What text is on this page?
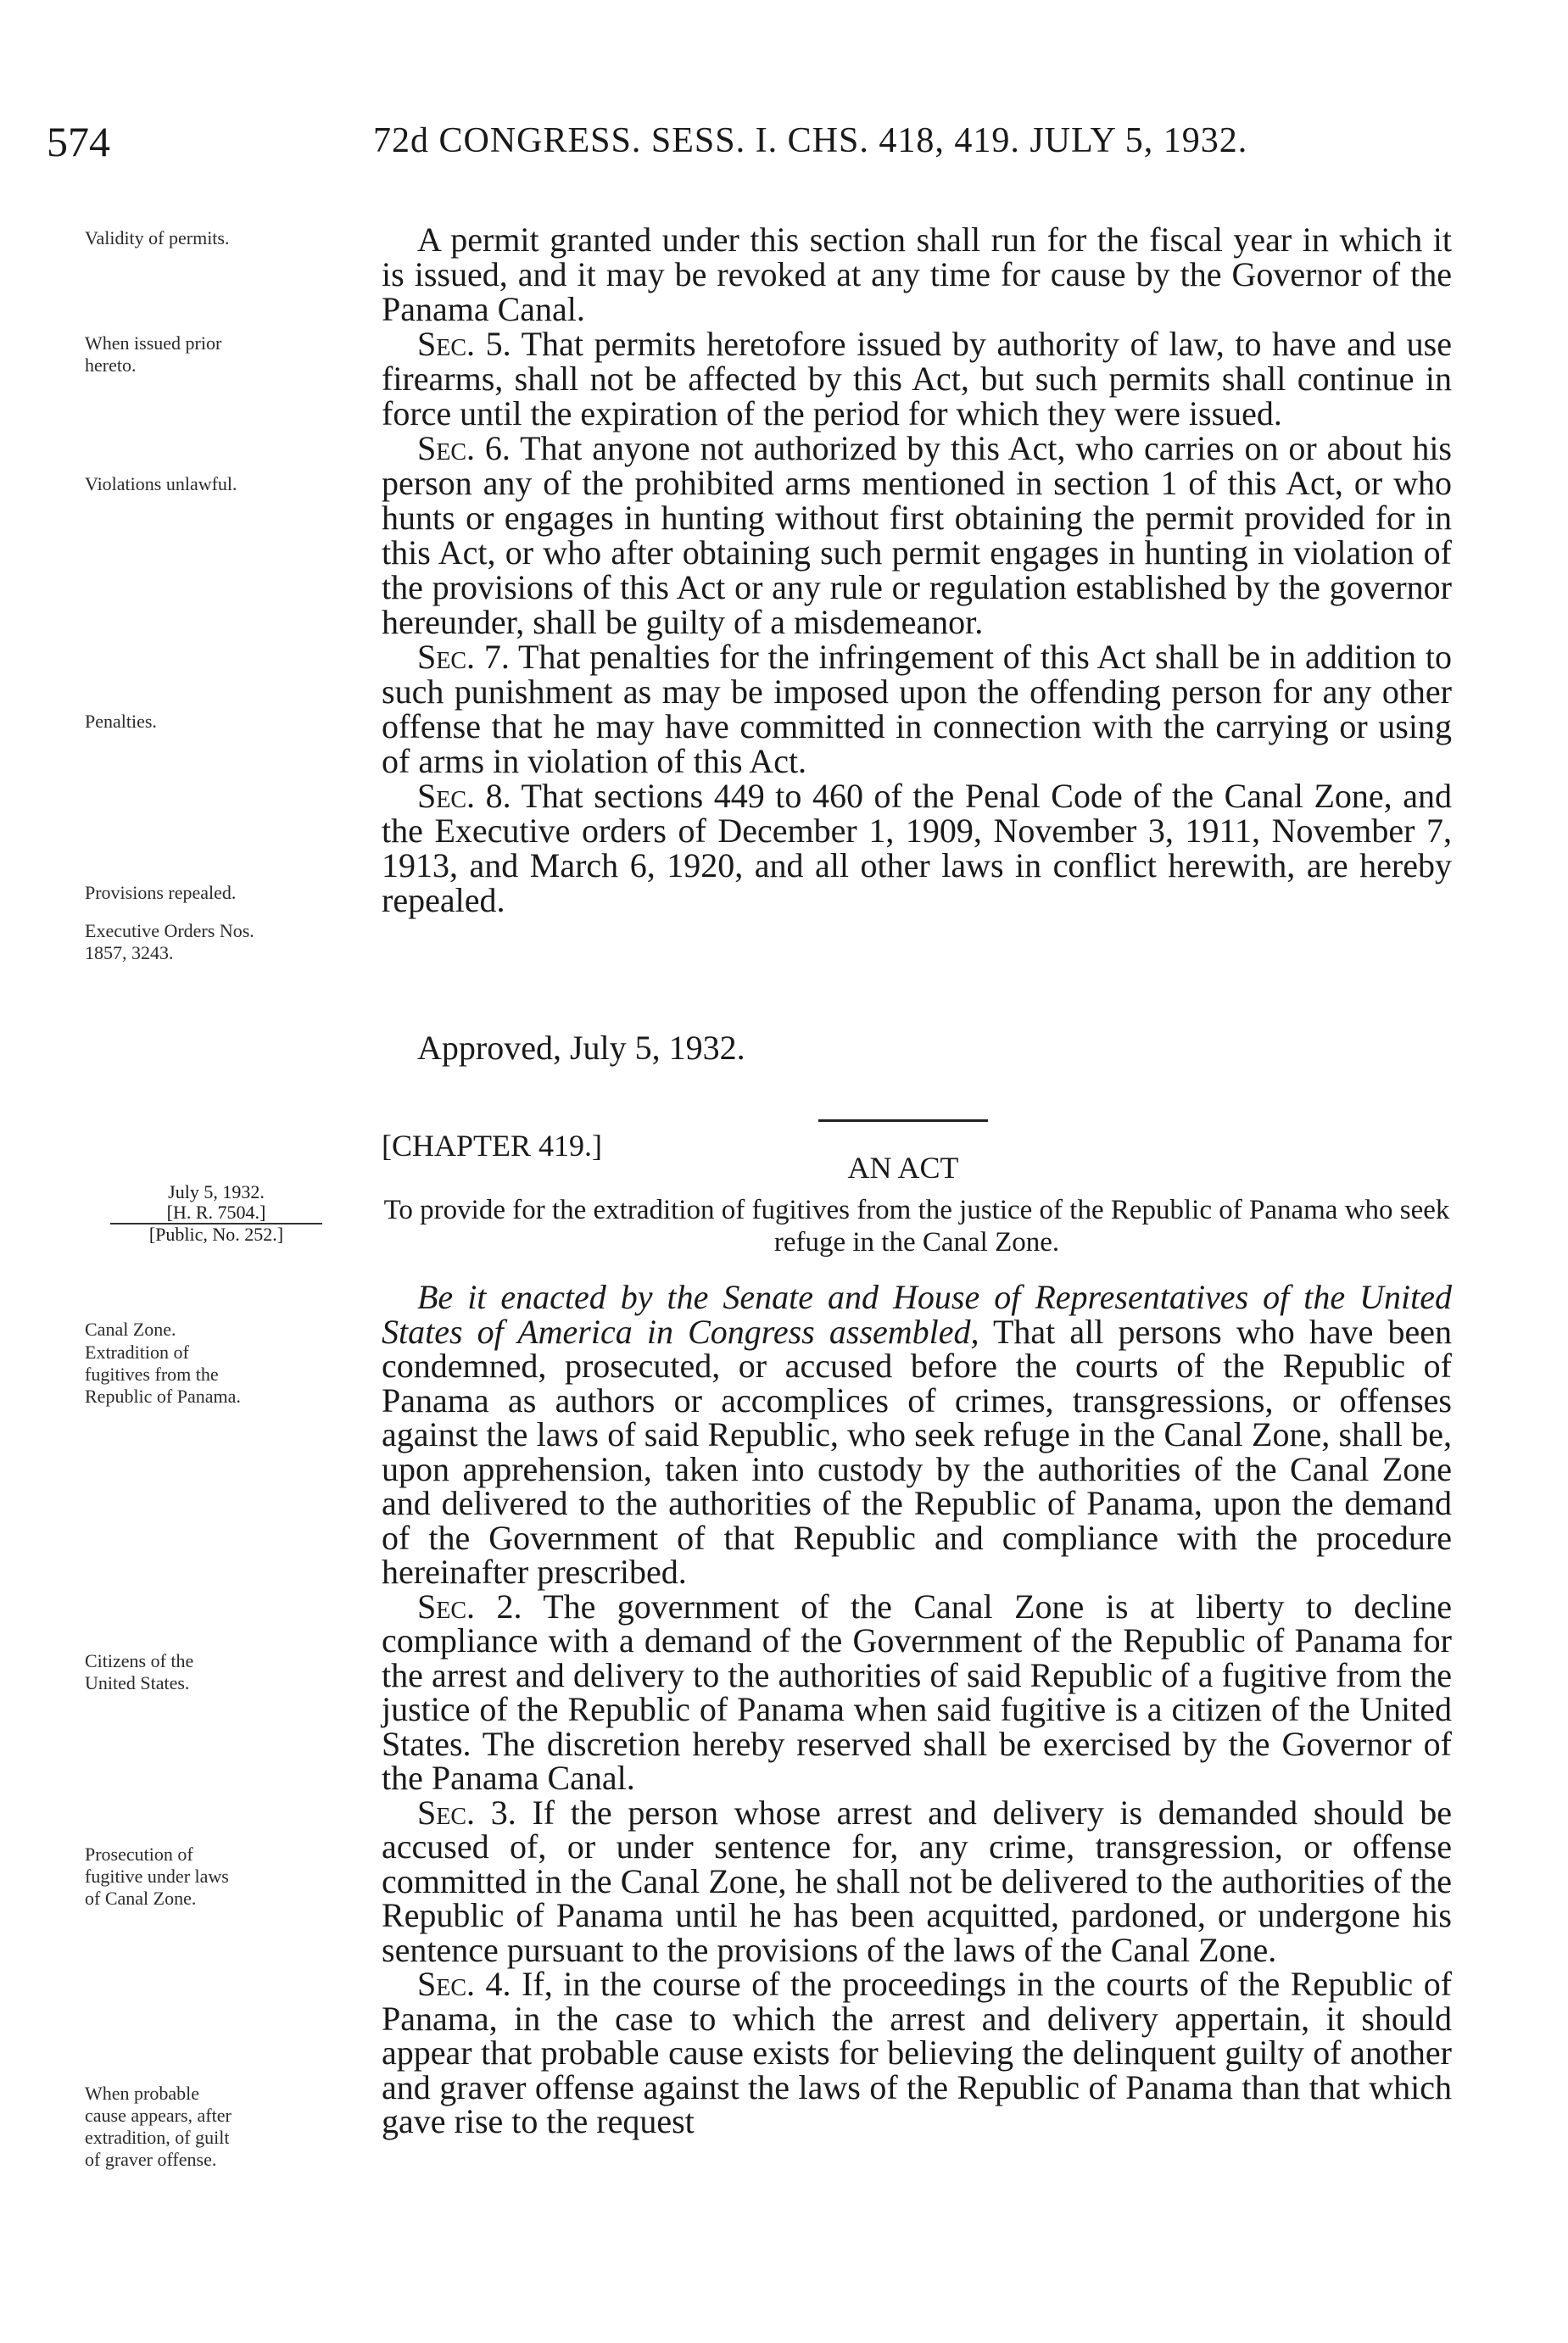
574	72d CONGRESS. SESS. I. CHS. 418, 419. JULY 5, 1932.
Validity of permits.
When issued prior hereto.
Violations unlawful.
Penalties.
Provisions repealed.
Executive Orders Nos. 1857, 3243.
Canal Zone.
Extradition of fugitives from the Republic of Panama.
Citizens of the United States.
Prosecution of fugitive under laws of Canal Zone.
When probable cause appears, after extradition, of guilt of graver offense.

A permit granted under this section shall run for the fiscal year in which it is issued, and it may be revoked at any time for cause by the Governor of the Panama Canal.

Sec. 5. That permits heretofore issued by authority of law, to have and use firearms, shall not be affected by this Act, but such permits shall continue in force until the expiration of the period for which they were issued.

Sec. 6. That anyone not authorized by this Act, who carries on or about his person any of the prohibited arms mentioned in section 1 of this Act, or who hunts or engages in hunting without first obtaining the permit provided for in this Act, or who after obtaining such permit engages in hunting in violation of the provisions of this Act or any rule or regulation established by the governor hereunder, shall be guilty of a misdemeanor.

Sec. 7. That penalties for the infringement of this Act shall be in addition to such punishment as may be imposed upon the offending person for any other offense that he may have committed in connection with the carrying or using of arms in violation of this Act.

Sec. 8. That sections 449 to 460 of the Penal Code of the Canal Zone, and the Executive orders of December 1, 1909, November 3, 1911, November 7, 1913, and March 6, 1920, and all other laws in conflict herewith, are hereby repealed.

Approved, July 5, 1932.
[CHAPTER 419.]
AN ACT
July 5, 1932.
[H. R. 7504.]
[Public, No. 252.]
To provide for the extradition of fugitives from the justice of the Republic of Panama who seek refuge in the Canal Zone.

Be it enacted by the Senate and House of Representatives of the United States of America in Congress assembled, That all persons who have been condemned, prosecuted, or accused before the courts of the Republic of Panama as authors or accomplices of crimes, transgressions, or offenses against the laws of said Republic, who seek refuge in the Canal Zone, shall be, upon apprehension, taken into custody by the authorities of the Canal Zone and delivered to the authorities of the Republic of Panama, upon the demand of the Government of that Republic and compliance with the procedure hereinafter prescribed.

Sec. 2. The government of the Canal Zone is at liberty to decline compliance with a demand of the Government of the Republic of Panama for the arrest and delivery to the authorities of said Republic of a fugitive from the justice of the Republic of Panama when said fugitive is a citizen of the United States. The discretion hereby reserved shall be exercised by the Governor of the Panama Canal.

Sec. 3. If the person whose arrest and delivery is demanded should be accused of, or under sentence for, any crime, transgression, or offense committed in the Canal Zone, he shall not be delivered to the authorities of the Republic of Panama until he has been acquitted, pardoned, or undergone his sentence pursuant to the provisions of the laws of the Canal Zone.

Sec. 4. If, in the course of the proceedings in the courts of the Republic of Panama, in the case to which the arrest and delivery appertain, it should appear that probable cause exists for believing the delinquent guilty of another and graver offense against the laws of the Republic of Panama than that which gave rise to the request
